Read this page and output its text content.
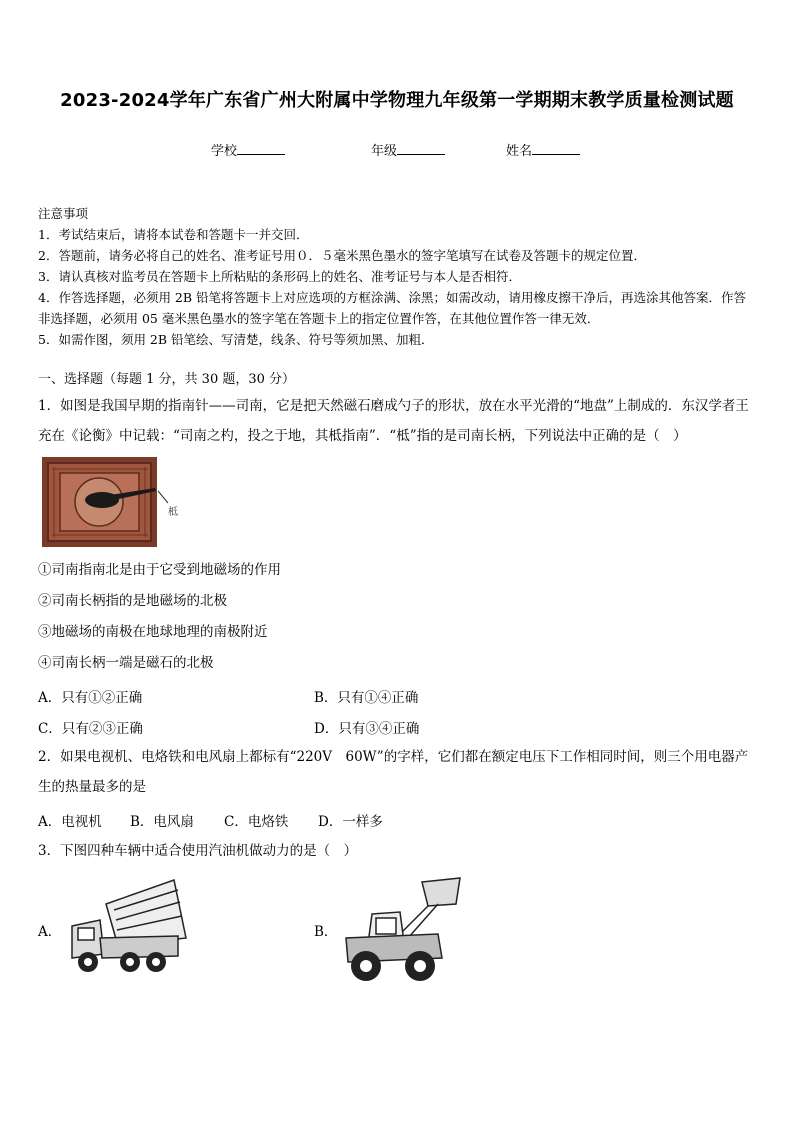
2023-2024学年广东省广州大附属中学物理九年级第一学期期末教学质量检测试题
学校	年级	姓名
注意事项
1．考试结束后，请将本试卷和答题卡一并交回．
2．答题前，请务必将自己的姓名、准考证号用０．５毫米黑色墨水的签字笔填写在试卷及答题卡的规定位置．
3．请认真核对监考员在答题卡上所粘贴的条形码上的姓名、准考证号与本人是否相符．
4．作答选择题，必须用 2B 铅笔将答题卡上对应选项的方框涂满、涂黑；如需改动，请用橡皮擦干净后，再选涂其他答案．作答非选择题，必须用 05 毫米黑色墨水的签字笔在答题卡上的指定位置作答，在其他位置作答一律无效．
5．如需作图，须用 2B 铅笔绘、写清楚，线条、符号等须加黑、加粗．
一、选择题（每题 1 分，共 30 题，30 分）
1．如图是我国早期的指南针——司南，它是把天然磁石磨成勺子的形状，放在水平光滑的“地盘”上制成的．东汉学者王充在《论衡》中记载：“司南之杓，投之于地，其柢指南”．“柢”指的是司南长柄，下列说法中正确的是（　）
柢
①司南指南北是由于它受到地磁场的作用
②司南长柄指的是地磁场的北极
③地磁场的南极在地球地理的南极附近
④司南长柄一端是磁石的北极
A．只有①②正确	B．只有①④正确
C．只有②③正确	D．只有③④正确
2．如果电视机、电烙铁和电风扇上都标有“220V　60W”的字样，它们都在额定电压下工作相同时间，则三个用电器产生的热量最多的是
A．电视机 B．电风扇 C．电烙铁 D．一样多
3．下图四种车辆中适合使用汽油机做动力的是（　）
A．	B．
